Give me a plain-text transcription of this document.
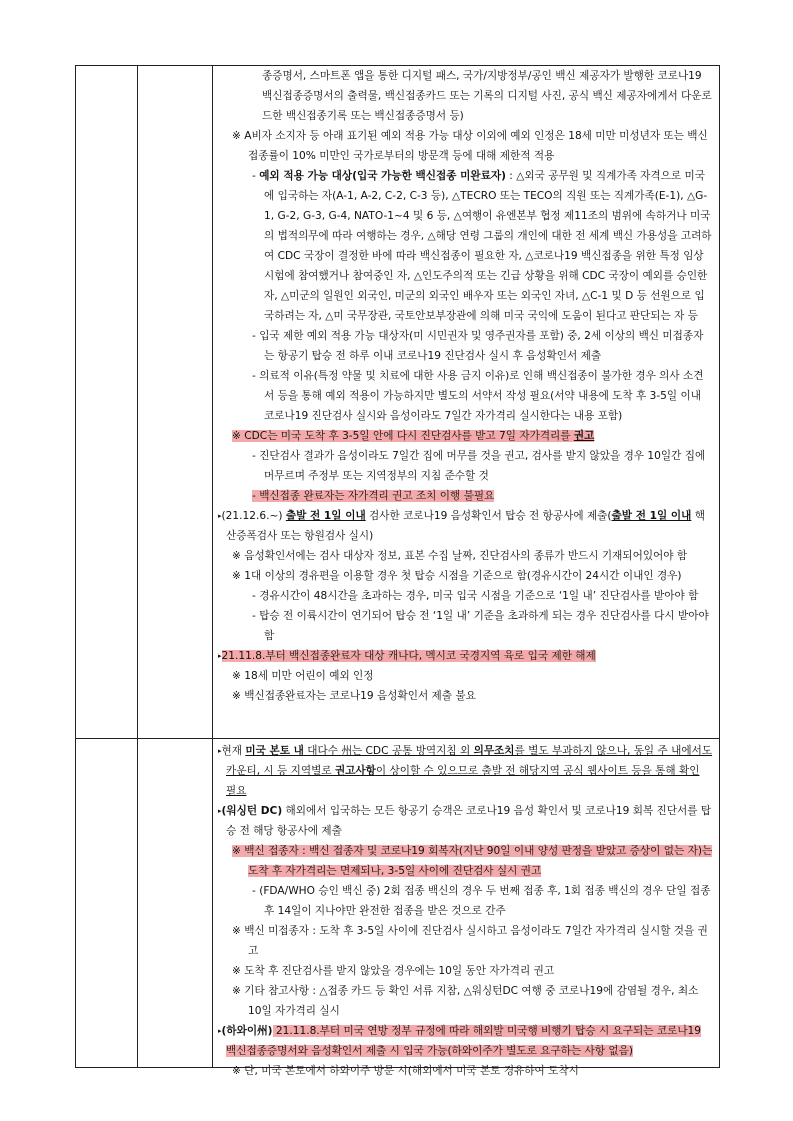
종증명서, 스마트폰 앱을 통한 디지털 패스, 국가/지방정부/공인 백신 제공자가 발행한 코로나19 백신접종증명서의 출력물, 백신접종카드 또는 기록의 디지털 사진, 공식 백신 제공자에게서 다운로드한 백신접종기록 또는 백신접종증명서 등)

※ A비자 소지자 등 아래 표기된 예외 적용 가능 대상 이외에 예외 인정은 18세 미만 미성년자 또는 백신접종률이 10% 미만인 국가로부터의 방문객 등에 대해 제한적 적용

- 예외 적용 가능 대상(입국 가능한 백신접종 미완료자) : △외국 공무원 및 직계가족 자격으로 미국에 입국하는 자(A-1, A-2, C-2, C-3 등), △TECRO 또는 TECO의 직원 또는 직계가족(E-1), △G-1, G-2, G-3, G-4, NATO-1~4 및 6 등, △여행이 유엔본부 협정 제11조의 범위에 속하거나 미국의 법적의무에 따라 여행하는 경우, △해당 연령 그룹의 개인에 대한 전 세계 백신 가용성을 고려하여 CDC 국장이 결정한 바에 따라 백신접종이 필요한 자, △코로나19 백신접종을 위한 특정 임상시험에 참여했거나 참여중인 자, △인도주의적 또는 긴급 상황을 위해 CDC 국장이 예외를 승인한 자, △미군의 일원인 외국인, 미군의 외국인 배우자 또는 외국인 자녀, △C-1 및 D 등 선원으로 입국하려는 자, △미 국무장관, 국토안보부장관에 의해 미국 국익에 도움이 된다고 판단되는 자 등

- 입국 제한 예외 적용 가능 대상자(미 시민권자 및 영주권자를 포함) 중, 2세 이상의 백신 미접종자는 항공기 탑승 전 하루 이내 코로나19 진단검사 실시 후 음성확인서 제출

- 의료적 이유(특정 약물 및 치료에 대한 사용 금지 이유)로 인해 백신접종이 불가한 경우 의사 소견서 등을 통해 예외 적용이 가능하지만 별도의 서약서 작성 필요(서약 내용에 도착 후 3-5일 이내 코로나19 진단검사 실시와 음성이라도 7일간 자가격리 실시한다는 내용 포함)

※ CDC는 미국 도착 후 3-5일 안에 다시 진단검사를 받고 7일 자가격리를 권고

- 진단검사 결과가 음성이라도 7일간 집에 머무를 것을 권고, 검사를 받지 않았을 경우 10일간 집에 머무르며 주정부 또는 지역정부의 지침 준수할 것

- 백신접종 완료자는 자가격리 권고 조치 이행 불필요

▸(21.12.6.~) 출발 전 1일 이내 검사한 코로나19 음성확인서 탑승 전 항공사에 제출(출발 전 1일 이내 핵산증폭검사 또는 항원검사 실시)

※ 음성확인서에는 검사 대상자 정보, 표본 수집 날짜, 진단검사의 종류가 반드시 기재되어있어야 함

※ 1대 이상의 경유편을 이용할 경우 첫 탑승 시점을 기준으로 함(경유시간이 24시간 이내인 경우)

- 경유시간이 48시간을 초과하는 경우, 미국 입국 시점을 기준으로 ‘1일 내’ 진단검사를 받아야 함

- 탑승 전 이륙시간이 연기되어 탑승 전 ‘1일 내’ 기준을 초과하게 되는 경우 진단검사를 다시 받아야 함

▸21.11.8.부터 백신접종완료자 대상 캐나다, 멕시코 국경지역 육로 입국 제한 해제

※ 18세 미만 어린이 예외 인정

※ 백신접종완료자는 코로나19 음성확인서 제출 불요

▸현재 미국 본토 내 대다수 州는 CDC 공통 방역지침 외 의무조치를 별도 부과하지 않으나, 동일 주 내에서도 카운티, 시 등 지역별로 권고사항이 상이할 수 있으므로 출발 전 해당지역 공식 웹사이트 등을 통해 확인 필요

▸(워싱턴 DC) 해외에서 입국하는 모든 항공기 승객은 코로나19 음성 확인서 및 코로나19 회복 진단서를 탑승 전 해당 항공사에 제출

※ 백신 접종자 : 백신 접종자 및 코로나19 회복자(지난 90일 이내 양성 판정을 받았고 증상이 없는 자)는 도착 후 자가격리는 면제되나, 3-5일 사이에 진단검사 실시 권고

- (FDA/WHO 승인 백신 중) 2회 접종 백신의 경우 두 번째 접종 후, 1회 접종 백신의 경우 단일 접종 후 14일이 지나야만 완전한 접종을 받은 것으로 간주

※ 백신 미접종자 : 도착 후 3-5일 사이에 진단검사 실시하고 음성이라도 7일간 자가격리 실시할 것을 권고

※ 도착 후 진단검사를 받지 않았을 경우에는 10일 동안 자가격리 권고

※ 기타 참고사항 : △접종 카드 등 확인 서류 지참, △워싱턴DC 여행 중 코로나19에 감염될 경우, 최소 10일 자가격리 실시

▸(하와이州) 21.11.8.부터 미국 연방 정부 규정에 따라 해외발 미국행 비행기 탑승 시 요구되는 코로나19 백신접종증명서와 음성확인서 제출 시 입국 가능(하와이주가 별도로 요구하는 사항 없음)

※ 단, 미국 본토에서 하와이주 방문 시(해외에서 미국 본토 경유하여 도착시
